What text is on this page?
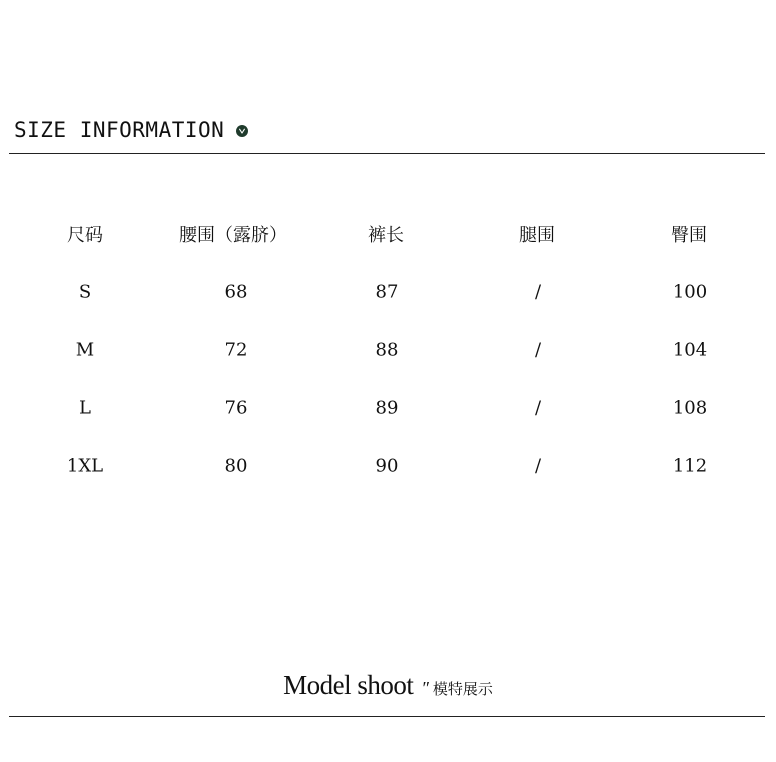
SIZE INFORMATION
尺码	腰围（露脐）	裤长	腿围	臀围
S	68	87	/	100
M	72	88	/	104
L	76	89	/	108
1XL	80	90	/	112
Model shoot ″ 模特展示
